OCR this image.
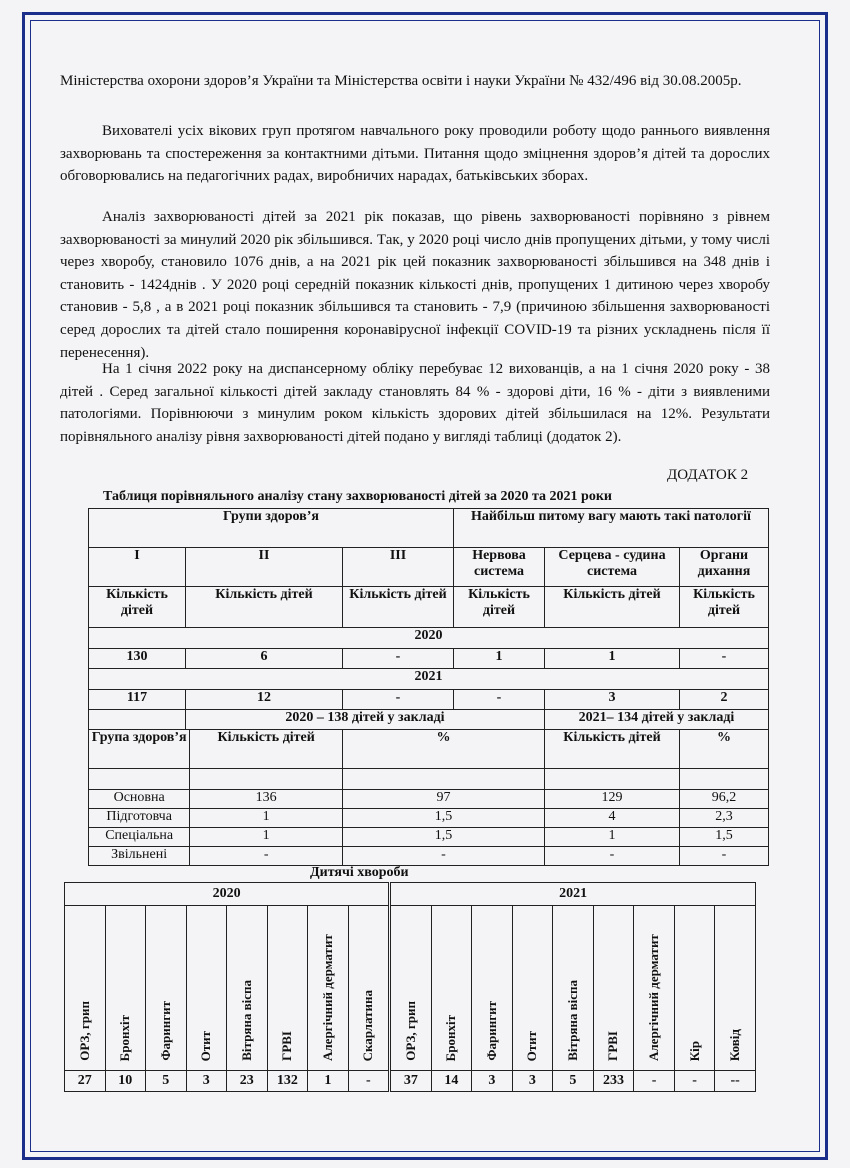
Міністерства охорони здоров’я України та Міністерства освіти і науки України № 432/496 від 30.08.2005р.
Вихователі усіх вікових груп протягом навчального року проводили роботу щодо раннього виявлення захворювань та спостереження за контактними дітьми. Питання щодо зміцнення здоров’я дітей та дорослих обговорювались на педагогічних радах, виробничих нарадах, батьківських зборах.
Аналіз захворюваності дітей за 2021 рік показав, що рівень захворюваності порівняно з рівнем захворюваності за минулий 2020 рік збільшився. Так, у 2020 році число днів пропущених дітьми, у тому числі через хворобу, становило 1076 днів, а на 2021 рік цей показник захворюваності збільшився на 348 днів і становить - 1424днів . У 2020 році середній показник кількості днів, пропущених 1 дитиною через хворобу становив - 5,8 , а в 2021 році показник збільшився та становить - 7,9 (причиною збільшення захворюваності серед дорослих та дітей стало поширення коронавірусної інфекції COVID-19 та різних ускладнень після її перенесення).
На 1 січня 2022 року на диспансерному обліку перебуває 12 вихованців, а на 1 січня 2020 року - 38 дітей . Серед загальної кількості дітей закладу становлять 84 % - здорові діти, 16 % - діти з виявленими патологіями. Порівнюючи з минулим роком кількість здорових дітей збільшилася на 12%. Результати порівняльного аналізу рівня захворюваності дітей подано у вигляді таблиці (додаток 2).
ДОДАТОК 2
Таблиця порівняльного аналізу стану захворюваності дітей за 2020 та 2021 роки
Групи здоров’я				Найбільш питому вагу мають такі патології		
I	II		III	Нервова система	Серцева - судина система	Органи дихання
Кількість дітей	Кількість дітей		Кількість дітей	Кількість дітей	Кількість дітей	Кількість дітей
2020						
130	6		-	1	1	-
2021						
117	12		-	-	3	2
	2020 – 138 дітей у закладі				2021– 134 дітей у закладі	
Група здоров’я		Кількість дітей	%		Кількість дітей	%

Основна		136	97		129	96,2
Підготовча		1	1,5		4	2,3
Спеціальна		1	1,5		1	1,5
Звільнені		-	-		-	-
Дитячі хвороби
2020								2021								
ОРЗ, грип	Бронхіт	Фарингит	Отит	Вітряна віспа	ГРВІ	Алергічний дерматит	Скарлатина	ОРЗ, грип	Бронхіт	Фарингит	Отит	Вітряна віспа	ГРВІ	Алергічний дерматит	Кір	Ковід
27	10	5	3	23	132	1	-	37	14	3	3	5	233	-	-	--
